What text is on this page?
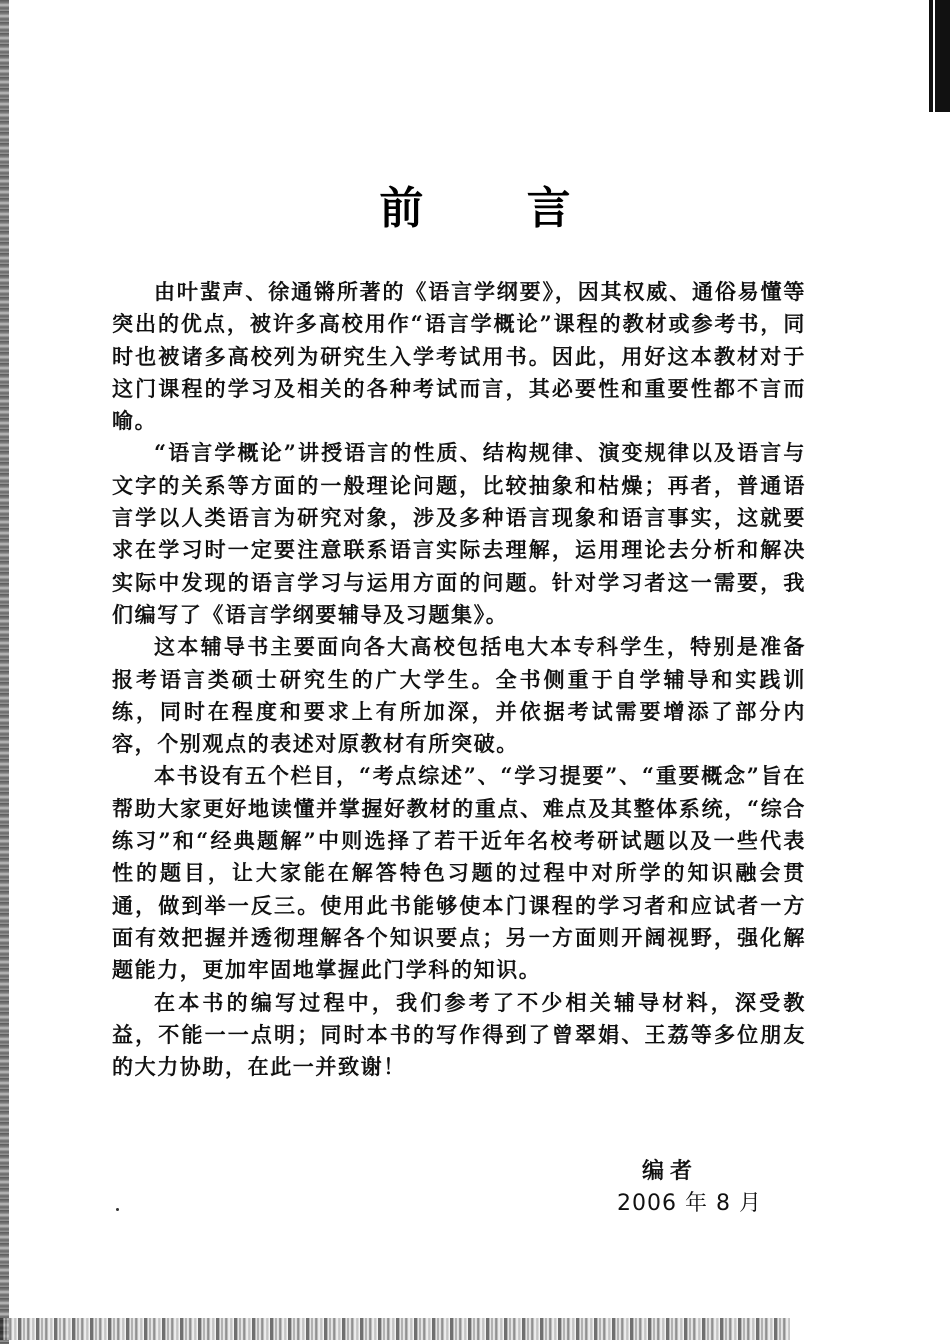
前 言

由叶蜚声、徐通锵所著的《语言学纲要》，因其权威、通俗易懂等突出的优点，被许多高校用作“语言学概论”课程的教材或参考书，同时也被诸多高校列为研究生入学考试用书。因此，用好这本教材对于这门课程的学习及相关的各种考试而言，其必要性和重要性都不言而喻。

“语言学概论”讲授语言的性质、结构规律、演变规律以及语言与文字的关系等方面的一般理论问题，比较抽象和枯燥；再者，普通语言学以人类语言为研究对象，涉及多种语言现象和语言事实，这就要求在学习时一定要注意联系语言实际去理解，运用理论去分析和解决实际中发现的语言学习与运用方面的问题。针对学习者这一需要，我们编写了《语言学纲要辅导及习题集》。

这本辅导书主要面向各大高校包括电大本专科学生，特别是准备报考语言类硕士研究生的广大学生。全书侧重于自学辅导和实践训练，同时在程度和要求上有所加深，并依据考试需要增添了部分内容，个别观点的表述对原教材有所突破。

本书设有五个栏目，“考点综述”、“学习提要”、“重要概念”旨在帮助大家更好地读懂并掌握好教材的重点、难点及其整体系统，“综合练习”和“经典题解”中则选择了若干近年名校考研试题以及一些代表性的题目，让大家能在解答特色习题的过程中对所学的知识融会贯通，做到举一反三。使用此书能够使本门课程的学习者和应试者一方面有效把握并透彻理解各个知识要点；另一方面则开阔视野，强化解题能力，更加牢固地掌握此门学科的知识。

在本书的编写过程中，我们参考了不少相关辅导材料，深受教益，不能一一点明；同时本书的写作得到了曾翠娟、王荔等多位朋友的大力协助，在此一并致谢！

编者
2006 年 8 月
